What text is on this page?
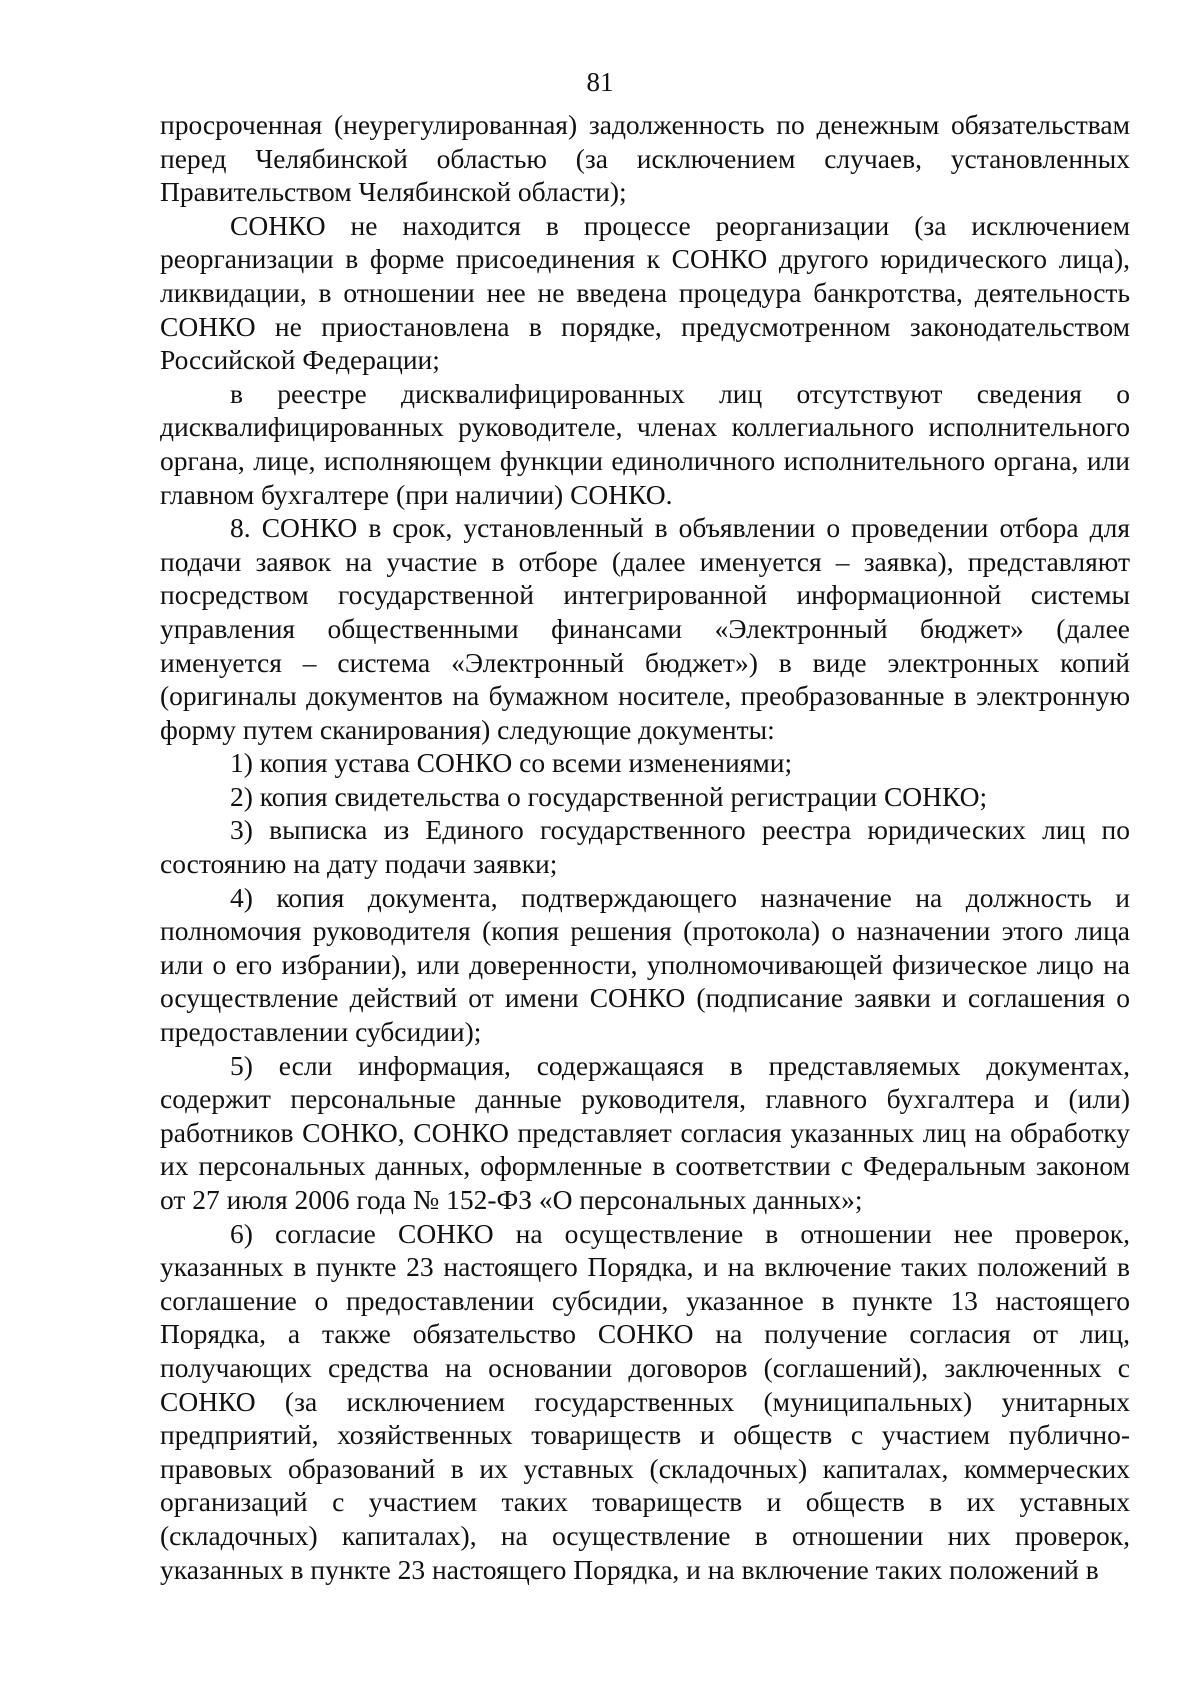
81

просроченная (неурегулированная) задолженность по денежным обязательствам перед Челябинской областью (за исключением случаев, установленных Правительством Челябинской области);

СОНКО не находится в процессе реорганизации (за исключением реорганизации в форме присоединения к СОНКО другого юридического лица), ликвидации, в отношении нее не введена процедура банкротства, деятельность СОНКО не приостановлена в порядке, предусмотренном законодательством Российской Федерации;

в реестре дисквалифицированных лиц отсутствуют сведения о дисквалифицированных руководителе, членах коллегиального исполнительного органа, лице, исполняющем функции единоличного исполнительного органа, или главном бухгалтере (при наличии) СОНКО.

8. СОНКО в срок, установленный в объявлении о проведении отбора для подачи заявок на участие в отборе (далее именуется – заявка), представляют посредством государственной интегрированной информационной системы управления общественными финансами «Электронный бюджет» (далее именуется – система «Электронный бюджет») в виде электронных копий (оригиналы документов на бумажном носителе, преобразованные в электронную форму путем сканирования) следующие документы:

1) копия устава СОНКО со всеми изменениями;

2) копия свидетельства о государственной регистрации СОНКО;

3) выписка из Единого государственного реестра юридических лиц по состоянию на дату подачи заявки;

4) копия документа, подтверждающего назначение на должность и полномочия руководителя (копия решения (протокола) о назначении этого лица или о его избрании), или доверенности, уполномочивающей физическое лицо на осуществление действий от имени СОНКО (подписание заявки и соглашения о предоставлении субсидии);

5) если информация, содержащаяся в представляемых документах, содержит персональные данные руководителя, главного бухгалтера и (или) работников СОНКО, СОНКО представляет согласия указанных лиц на обработку их персональных данных, оформленные в соответствии с Федеральным законом от 27 июля 2006 года № 152-ФЗ «О персональных данных»;

6) согласие СОНКО на осуществление в отношении нее проверок, указанных в пункте 23 настоящего Порядка, и на включение таких положений в соглашение о предоставлении субсидии, указанное в пункте 13 настоящего Порядка, а также обязательство СОНКО на получение согласия от лиц, получающих средства на основании договоров (соглашений), заключенных с СОНКО (за исключением государственных (муниципальных) унитарных предприятий, хозяйственных товариществ и обществ с участием публично-правовых образований в их уставных (складочных) капиталах, коммерческих организаций с участием таких товариществ и обществ в их уставных (складочных) капиталах), на осуществление в отношении них проверок, указанных в пункте 23 настоящего Порядка, и на включение таких положений в
